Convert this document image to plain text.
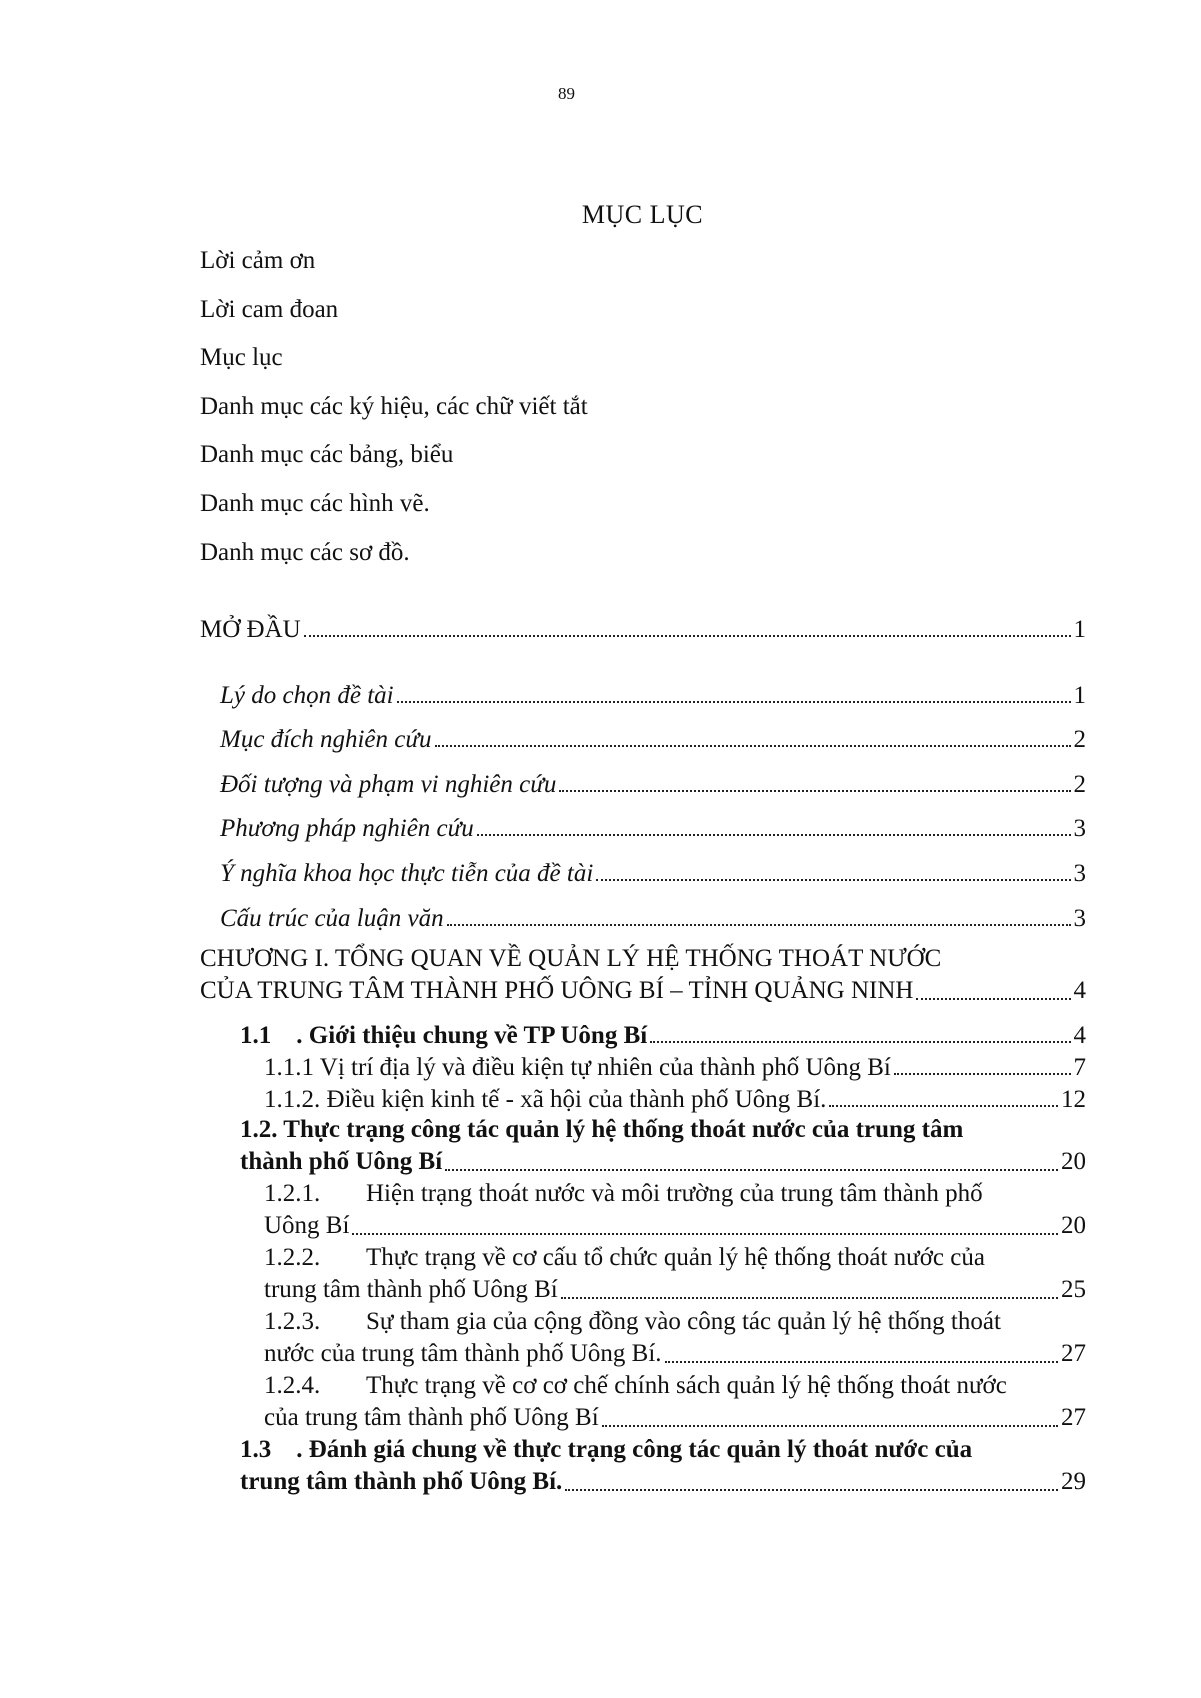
89
MỤC LỤC
Lời cảm ơn
Lời cam đoan
Mục lục
Danh mục các ký hiệu, các chữ viết tắt
Danh mục các bảng, biểu
Danh mục các hình vẽ.
Danh mục các sơ đồ.
MỞ ĐẦU	1
Lý do chọn đề tài	1
Mục đích nghiên cứu	2
Đối tượng và phạm vi nghiên cứu	2
Phương pháp nghiên cứu	3
Ý nghĩa khoa học thực tiễn của đề tài	3
Cấu trúc của luận văn	3
CHƯƠNG I. TỔNG QUAN VỀ QUẢN LÝ HỆ THỐNG THOÁT NƯỚC
CỦA TRUNG TÂM THÀNH PHỐ UÔNG BÍ – TỈNH QUẢNG NINH	4
1.1    . Giới thiệu chung về TP Uông Bí	4
1.1.1 Vị trí địa lý và điều kiện tự nhiên của thành phố Uông Bí	7
1.1.2. Điều kiện kinh tế - xã hội của thành phố Uông Bí.	12
1.2. Thực trạng công tác quản lý hệ thống thoát nước của trung tâm
thành phố Uông Bí	20
1.2.1. Hiện trạng thoát nước và môi trường của trung tâm thành phố
Uông Bí	20
1.2.2. Thực trạng về cơ cấu tổ chức quản lý hệ thống thoát nước của
trung tâm thành phố Uông Bí	25
1.2.3. Sự tham gia của cộng đồng vào công tác quản lý hệ thống thoát
nước của trung tâm thành phố Uông Bí.	27
1.2.4. Thực trạng về cơ cơ chế chính sách quản lý hệ thống thoát nước
của trung tâm thành phố Uông Bí	27
1.3    . Đánh giá chung về thực trạng công tác quản lý thoát nước của
trung tâm thành phố Uông Bí.	29
